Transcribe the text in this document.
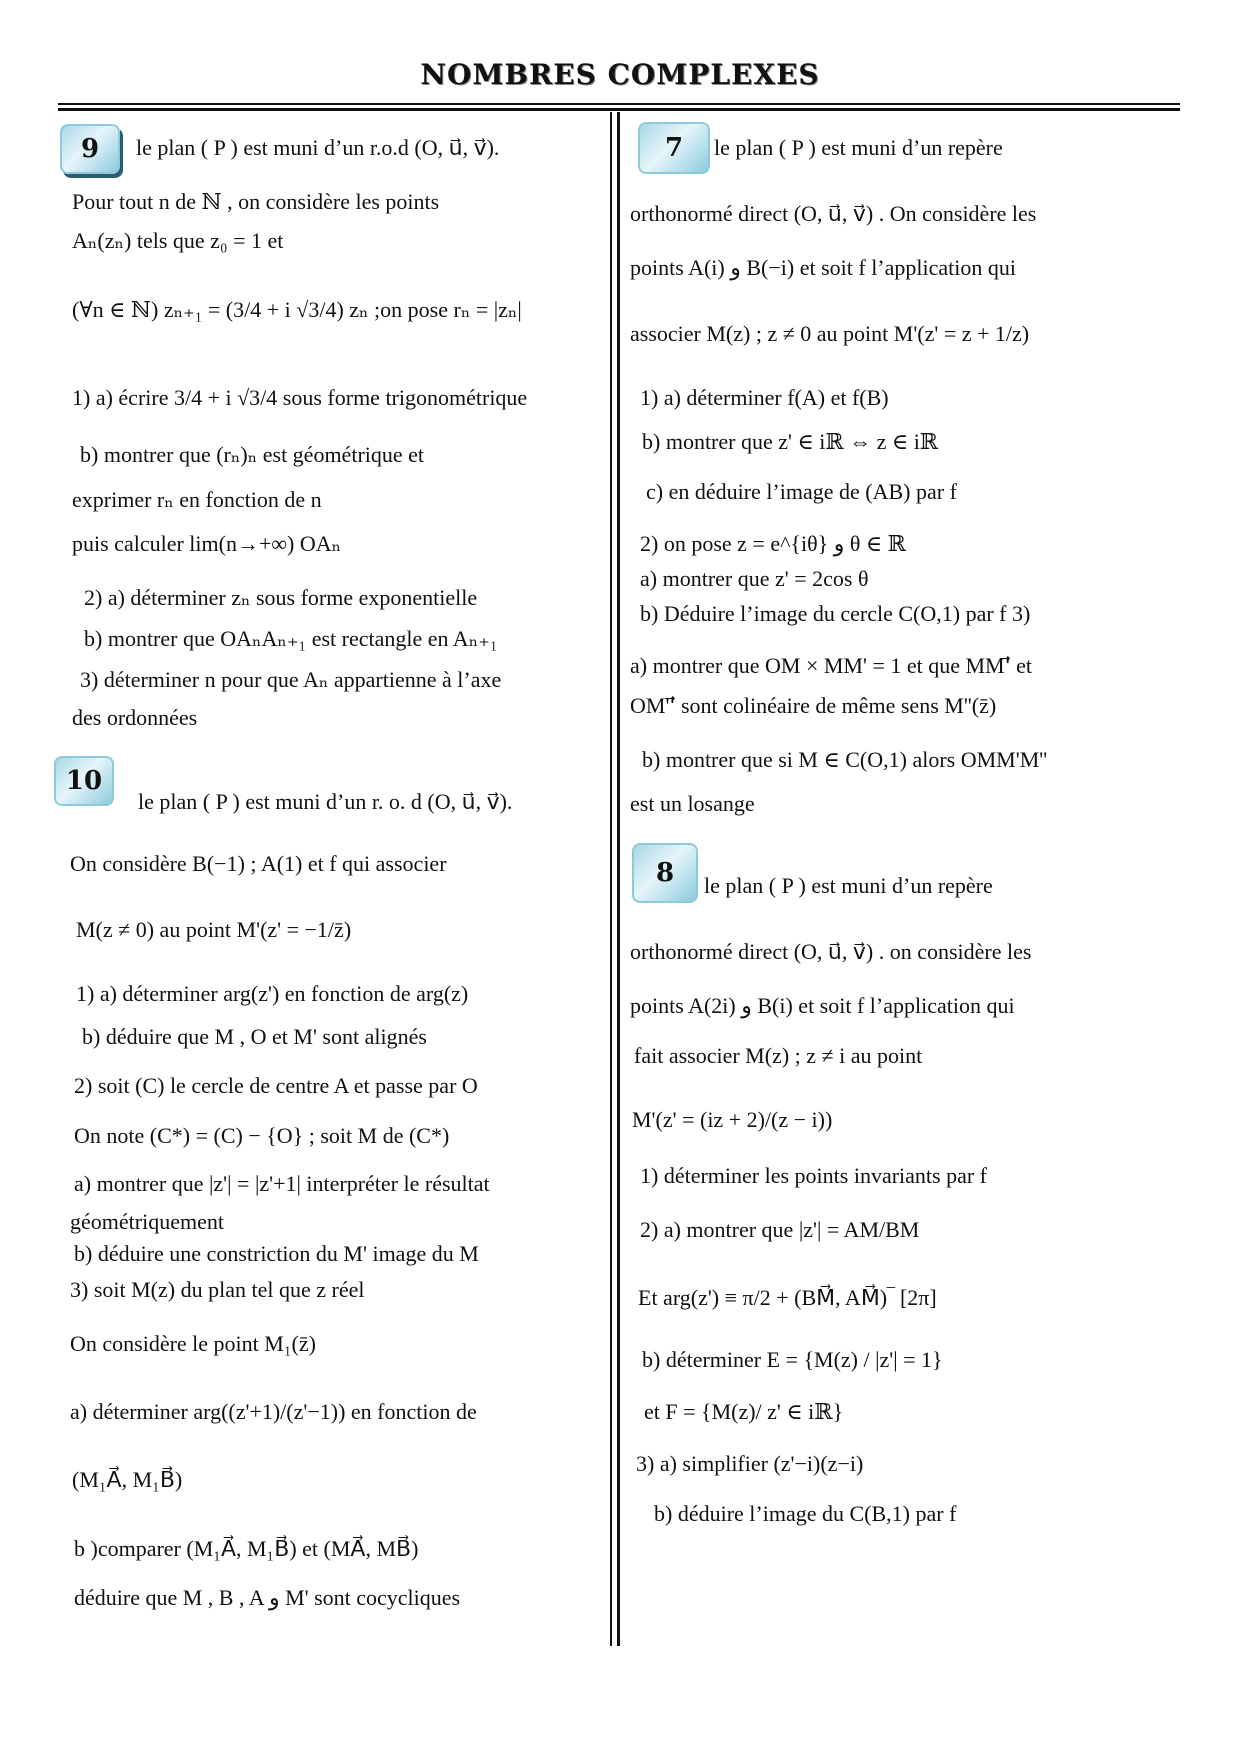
NOMBRES COMPLEXES
9 le plan ( P ) est muni d’un r.o.d (O, u⃗, v⃗).
Pour tout n de ℕ , on considère les points
Aₙ(zₙ) tels que z₀ = 1 et
(∀n ∈ ℕ) zₙ₊₁ = (3/4 + i √3/4) zₙ ;on pose rₙ = |zₙ|
1) a) écrire 3/4 + i √3/4 sous forme trigonométrique
b) montrer que (rₙ)ₙ est géométrique et
exprimer rₙ en fonction de n
puis calculer lim(n→+∞) OAₙ
2) a) déterminer zₙ sous forme exponentielle
b) montrer que OAₙAₙ₊₁ est rectangle en Aₙ₊₁
3) déterminer n pour que Aₙ appartienne à l’axe
des ordonnées
10
le plan ( P ) est muni d’un r. o. d (O, u⃗, v⃗).
On considère B(−1) ; A(1) et f qui associer
M(z ≠ 0) au point M'(z' = −1/z̄)
1) a) déterminer arg(z') en fonction de arg(z)
b) déduire que M , O et M' sont alignés
2) soit (C) le cercle de centre A et passe par O
On note (C*) = (C) − {O} ; soit M de (C*)
a) montrer que |z'| = |z'+1| interpréter le résultat
géométriquement
b) déduire une constriction du M' image du M
3) soit M(z) du plan tel que z réel
On considère le point M₁(z̄)
a) déterminer arg((z'+1)/(z'−1)) en fonction de
(M₁A⃗, M₁B⃗)
b )comparer (M₁A⃗, M₁B⃗) et (MA⃗, MB⃗)
déduire que M , B , A و M' sont cocycliques
7 le plan ( P ) est muni d’un repère
orthonormé direct (O, u⃗, v⃗) . On considère les
points A(i) و B(−i) et soit f l’application qui
associer M(z) ; z ≠ 0 au point M'(z' = z + 1/z)
1) a) déterminer f(A) et f(B)
b) montrer que z' ∈ iℝ ⇔ z ∈ iℝ
c) en déduire l’image de (AB) par f
2) on pose z = e^{iθ} و θ ∈ ℝ
a) montrer que z' = 2cos θ
b) Déduire l’image du cercle C(O,1) par f 3)
a) montrer que OM × MM' = 1 et que MM'⃗ et
OM''⃗ sont colinéaire de même sens M''(z̄)
b) montrer que si M ∈ C(O,1) alors OMM'M''
est un losange
8 le plan ( P ) est muni d’un repère
orthonormé direct (O, u⃗, v⃗) . on considère les
points A(2i) و B(i) et soit f l’application qui
fait associer M(z) ; z ≠ i au point
M'(z' = (iz + 2)/(z − i))
1) déterminer les points invariants par f
2) a) montrer que |z'| = AM/BM
Et arg(z') ≡ π/2 + (BM⃗, AM⃗)‾ [2π]
b) déterminer E = {M(z) / |z'| = 1}
et F = {M(z)/ z' ∈ iℝ}
3) a) simplifier (z'−i)(z−i)
b) déduire l’image du C(B,1) par f
